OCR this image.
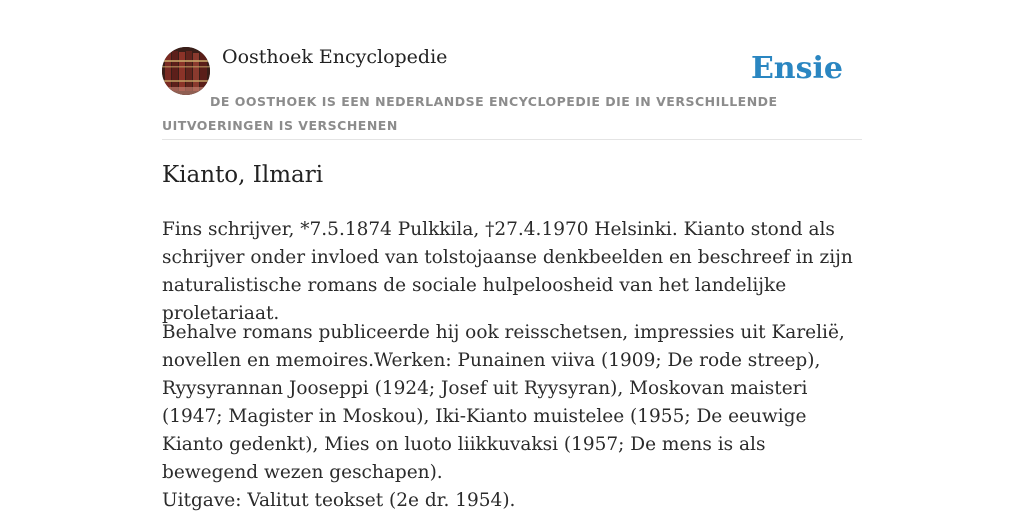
Oosthoek Encyclopedie	Ensie
DE OOSTHOEK IS EEN NEDERLANDSE ENCYCLOPEDIE DIE IN VERSCHILLENDE UITVOERINGEN IS VERSCHENEN
Kianto, Ilmari

Fins schrijver, *7.5.1874 Pulkkila, †27.4.1970 Helsinki. Kianto stond als schrijver onder invloed van tolstojaanse denkbeelden en beschreef in zijn naturalistische romans de sociale hulpeloosheid van het landelijke proletariaat.

Behalve romans publiceerde hij ook reisschetsen, impressies uit Karelië, novellen en memoires.Werken: Punainen viiva (1909; De rode streep), Ryysyrannan Jooseppi (1924; Josef uit Ryysyran), Moskovan maisteri (1947; Magister in Moskou), Iki-Kianto muistelee (1955; De eeuwige Kianto gedenkt), Mies on luoto liikkuvaksi (1957; De mens is als bewegend wezen geschapen).

Uitgave: Valitut teokset (2e dr. 1954).
